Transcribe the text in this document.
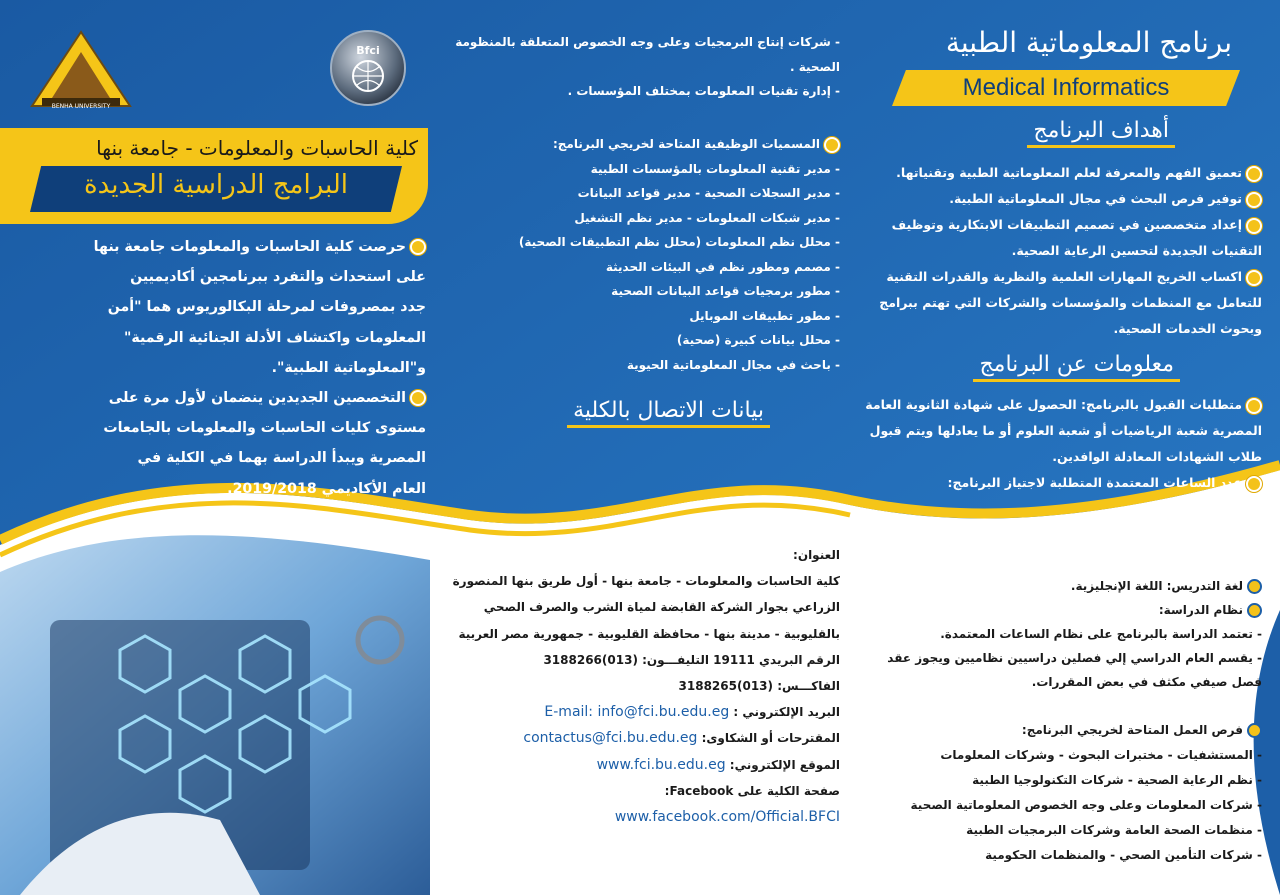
برنامج المعلوماتية الطبية
Medical Informatics
أهداف البرنامج
تعميق الفهم والمعرفة لعلم المعلوماتية الطبية وتقنياتها.
توفير فرص البحث في مجال المعلوماتية الطبية.
إعداد متخصصين في تصميم التطبيقات الابتكارية وتوظيف
التقنيات الجديدة لتحسين الرعاية الصحية.
اكساب الخريج المهارات العلمية والنظرية والقدرات التقنية
للتعامل مع المنظمات والمؤسسات والشركات التي تهتم ببرامج
وبحوث الخدمات الصحية.
معلومات عن البرنامج
متطلبات القبول بالبرنامج: الحصول على شهادة الثانوية العامة
المصرية شعبة الرياضيات أو شعبة العلوم أو ما يعادلها ويتم قبول
طلاب الشهادات المعادلة الوافدين.
عدد الساعات المعتمدة المتطلبة لاجتياز البرنامج:
140 ساعة معتمدة
- شركات إنتاج البرمجيات وعلى وجه الخصوص المتعلقة بالمنظومة
الصحية .
- إدارة تقنيات المعلومات بمختلف المؤسسات .
المسميات الوظيفية المتاحة لخريجي البرنامج:
- مدير تقنية المعلومات بالمؤسسات الطبية
- مدير السجلات الصحية - مدير قواعد البيانات
- مدير شبكات المعلومات - مدير نظم التشغيل
- محلل نظم المعلومات (محلل نظم التطبيقات الصحية)
- مصمم ومطور نظم في البيئات الحديثة
- مطور برمجيات قواعد البيانات الصحية
- مطور تطبيقات الموبايل
- محلل بيانات كبيرة (صحية)
- باحث في مجال المعلوماتية الحيوية
بيانات الاتصال بالكلية
BENHA UNIVERSITY
Bfci
كلية الحاسبات والمعلومات - جامعة بنها
البرامج الدراسية الجديدة
حرصت كلية الحاسبات والمعلومات جامعة بنها
على استحداث والتفرد ببرنامجين أكاديميين
جدد بمصروفات لمرحلة البكالوريوس هما "أمن
المعلومات واكتشاف الأدلة الجنائية الرقمية"
و"المعلوماتية الطبية".
التخصصين الجديدين ينضمان لأول مرة على
مستوى كليات الحاسبات والمعلومات بالجامعات
المصرية ويبدأ الدراسة بهما في الكلية في
العام الأكاديمي 2019/2018.
العنوان:
كلية الحاسبات والمعلومات - جامعة بنها - أول طريق بنها المنصورة
الزراعي بجوار الشركة القابضة لمياة الشرب والصرف الصحي
بالقليوبية - مدينة بنها - محافظة القليوبية - جمهورية مصر العربية
الرقم البريدي 19111 التليفـــون: (013)3188266
الفاكـــس: (013)3188265
البريد الإلكتروني : E-mail: info@fci.bu.edu.eg
المقترحات أو الشكاوى: contactus@fci.bu.edu.eg
الموقع الإلكتروني: www.fci.bu.edu.eg
صفحة الكلية على Facebook:
www.facebook.com/Official.BFCI
لغة التدريس: اللغة الإنجليزية.
نظام الدراسة:
- تعتمد الدراسة بالبرنامج على نظام الساعات المعتمدة.
- يقسم العام الدراسي إلي فصلين دراسيين نظاميين ويجوز عقد
فصل صيفي مكثف في بعض المقررات.
فرص العمل المتاحة لخريجي البرنامج:
- المستشفيات - مختبرات البحوث - وشركات المعلومات
- نظم الرعاية الصحية - شركات التكنولوجيا الطبية
- شركات المعلومات وعلى وجه الخصوص المعلوماتية الصحية
- منظمات الصحة العامة وشركات البرمجيات الطبية
- شركات التأمين الصحي - والمنظمات الحكومية
